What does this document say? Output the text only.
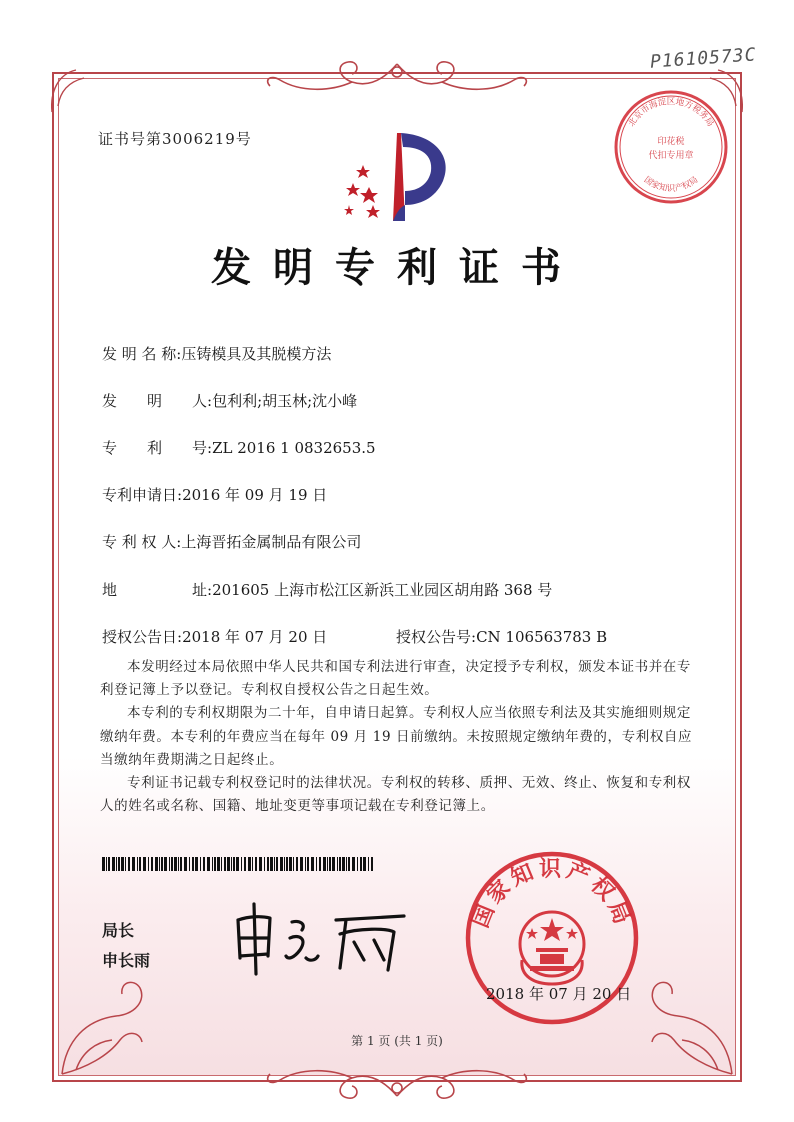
P1610573C
证书号第3006219号
北京市海淀区地方税务局
国家知识产权局
印花税
代扣专用章
发明专利证书
发 明 名 称:压铸模具及其脱模方法
发　　明　　人:包利利;胡玉林;沈小峰
专　　利　　号:ZL 2016 1 0832653.5
专利申请日:2016 年 09 月 19 日
专 利 权 人:上海晋拓金属制品有限公司
地　　　　　址:201605 上海市松江区新浜工业园区胡甪路 368 号
授权公告日:2018 年 07 月 20 日	授权公告号:CN 106563783 B

本发明经过本局依照中华人民共和国专利法进行审查，决定授予专利权，颁发本证书并在专利登记簿上予以登记。专利权自授权公告之日起生效。

本专利的专利权期限为二十年，自申请日起算。专利权人应当依照专利法及其实施细则规定缴纳年费。本专利的年费应当在每年 09 月 19 日前缴纳。未按照规定缴纳年费的，专利权自应当缴纳年费期满之日起终止。

专利证书记载专利权登记时的法律状况。专利权的转移、质押、无效、终止、恢复和专利权人的姓名或名称、国籍、地址变更等事项记载在专利登记簿上。

局长
申长雨
国家知识产权局
2018 年 07 月 20 日
第 1 页 (共 1 页)
